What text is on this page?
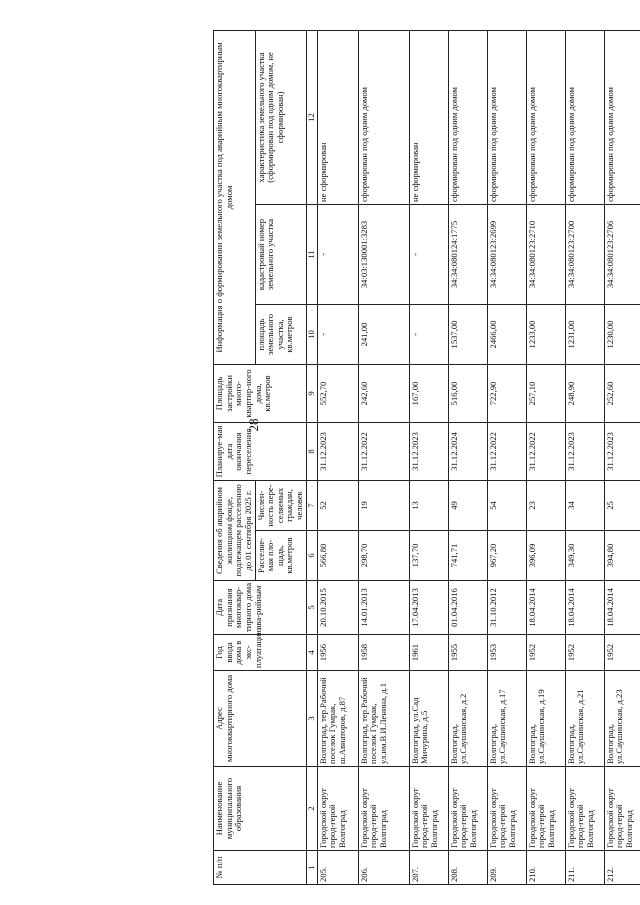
28
№ п/п	Наименование муниципального образования	Адрес многоквартирного дома	Год ввода дома в экс-плуатацию	Дата признания многоквар-тирного дома ава-рийным	Сведения об аварийном жилищном фонде, подлежащем расселению до 01 сентября 2025 г.		Планируе-мая дата окончания переселения	Площадь застройки много-квартир-ного дома, кв.метров	Информация о формировании земельного участка под аварийным многоквартирным домом		
					Расселяе-мая пло-щадь, кв.метров	Числен-ность пере-селяемых граждан, человек			площадь земельного участка, кв.метров	кадастровый номер земельного участка	характеристика земельного участка (сформирован под одним домом, не сформирован)
1	2	3	4	5	6	7	8	9	10	11	12
205.	Городской округ город-герой Волгоград	Волгоград, тер.Рабочий поселок Гумрак, ш.Авиаторов, д.87	1956	20.10.2015	566,80	52	31.12.2023	552,70	-	-	не сформирован
206.	Городской округ город-герой Волгоград	Волгоград, тер.Рабочий поселок Гумрак, ул.им.В.И.Ленина, д.1	1958	14.01.2013	298,70	19	31.12.2022	242,60	241,00	34:03:130001:3283	сформирован под одним домом
207.	Городской округ город-герой Волгоград	Волгоград, ул.Сад Мичурина, д.5	1961	17.04.2013	137,70	13	31.12.2023	167,00	-	-	не сформирован
208.	Городской округ город-герой Волгоград	Волгоград, ул.Саушинская, д.2	1955	01.04.2016	741,71	49	31.12.2024	516,00	1537,00	34:34:080124:1775	сформирован под одним домом
209.	Городской округ город-герой Волгоград	Волгоград, ул.Саушинская, д.17	1953	31.10.2012	967,20	54	31.12.2022	722,90	2466,00	34:34:080123:2699	сформирован под одним домом
210.	Городской округ город-герой Волгоград	Волгоград, ул.Саушинская, д.19	1952	18.04.2014	396,09	23	31.12.2022	257,10	1233,00	34:34:080123:2710	сформирован под одним домом
211.	Городской округ город-герой Волгоград	Волгоград, ул.Саушинская, д.21	1952	18.04.2014	349,30	34	31.12.2023	248,90	1231,00	34:34:080123:2700	сформирован под одним домом
212.	Городской округ город-герой Волгоград	Волгоград, ул.Саушинская, д.23	1952	18.04.2014	394,80	25	31.12.2023	252,60	1230,00	34:34:080123:2706	сформирован под одним домом
